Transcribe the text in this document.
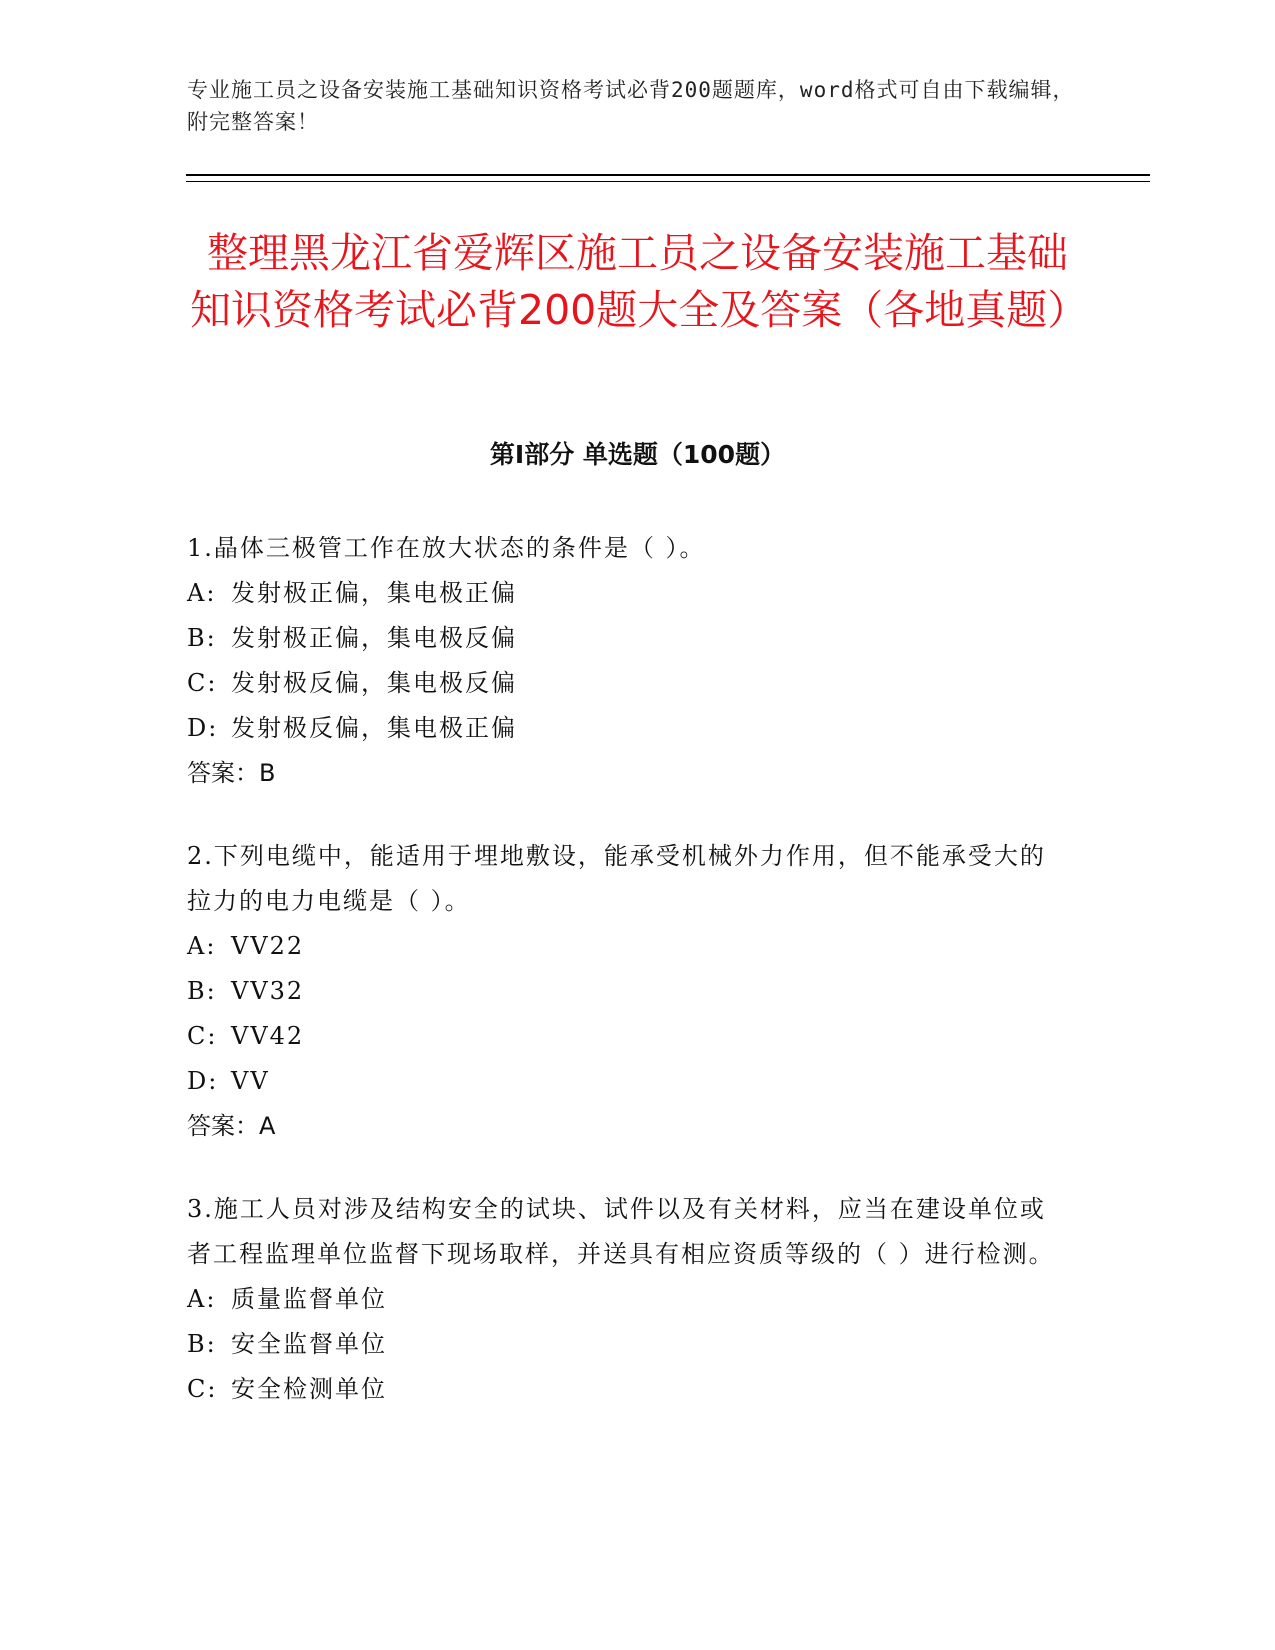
专业施工员之设备安装施工基础知识资格考试必背200题题库，word格式可自由下载编辑，附完整答案！
整理黑龙江省爱辉区施工员之设备安装施工基础知识资格考试必背200题大全及答案（各地真题）
第Ⅰ部分 单选题（100题）

1.晶体三极管工作在放大状态的条件是（ ）。

A: 发射极正偏，集电极正偏

B: 发射极正偏，集电极反偏

C: 发射极反偏，集电极反偏

D: 发射极反偏，集电极正偏

答案：B

2.下列电缆中，能适用于埋地敷设，能承受机械外力作用，但不能承受大的拉力的电力电缆是（ ）。

A: VV22

B: VV32

C: VV42

D: VV

答案：A

3.施工人员对涉及结构安全的试块、试件以及有关材料，应当在建设单位或者工程监理单位监督下现场取样，并送具有相应资质等级的（ ）进行检测。

A: 质量监督单位

B: 安全监督单位

C: 安全检测单位
